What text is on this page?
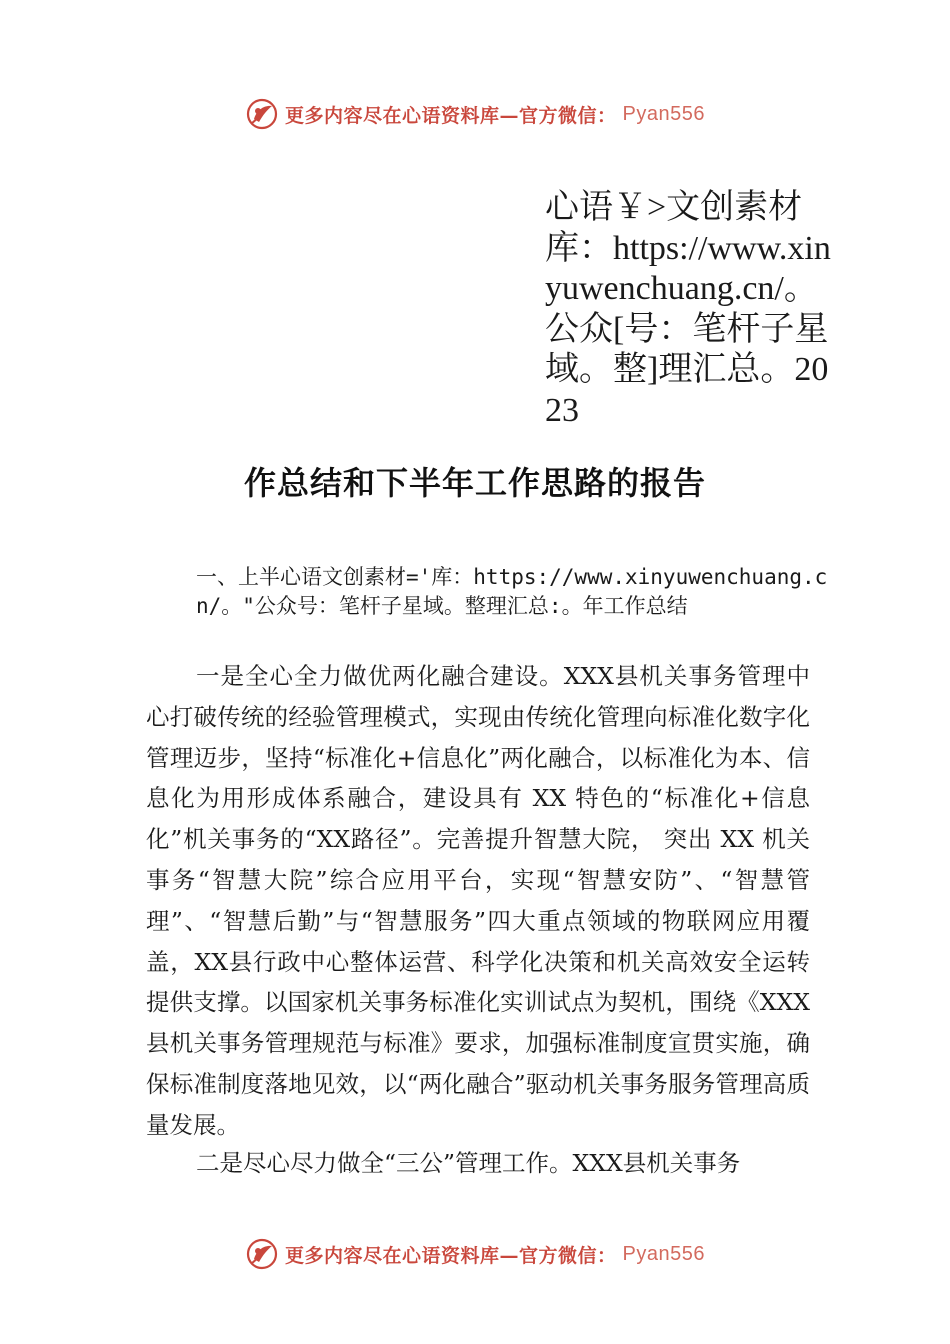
更多内容尽在心语资料库—官方微信： Pyan556

心语￥>文创素材库：https://www.xinyuwenchuang.cn/。公众[号：笔杆子星域。整]理汇总。2023

作总结和下半年工作思路的报告

一、上半心语文创素材='库：https://www.xinyuwenchuang.cn/。"公众号：笔杆子星域。整理汇总:。年工作总结

一是全心全力做优两化融合建设。XXX县机关事务管理中心打破传统的经验管理模式，实现由传统化管理向标准化数字化管理迈步，坚持“标准化+信息化”两化融合，以标准化为本、信息化为用形成体系融合，建设具有 XX 特色的“标准化+信息化”机关事务的“XX路径”。完善提升智慧大院， 突出 XX 机关事务“智慧大院”综合应用平台，实现“智慧安防”、“智慧管理”、“智慧后勤”与“智慧服务”四大重点领域的物联网应用覆盖，XX县行政中心整体运营、科学化决策和机关高效安全运转提供支撑。以国家机关事务标准化实训试点为契机，围绕《XXX县机关事务管理规范与标准》要求，加强标准制度宣贯实施，确保标准制度落地见效，以“两化融合”驱动机关事务服务管理高质量发展。

二是尽心尽力做全“三公”管理工作。XXX县机关事务

更多内容尽在心语资料库—官方微信： Pyan556
